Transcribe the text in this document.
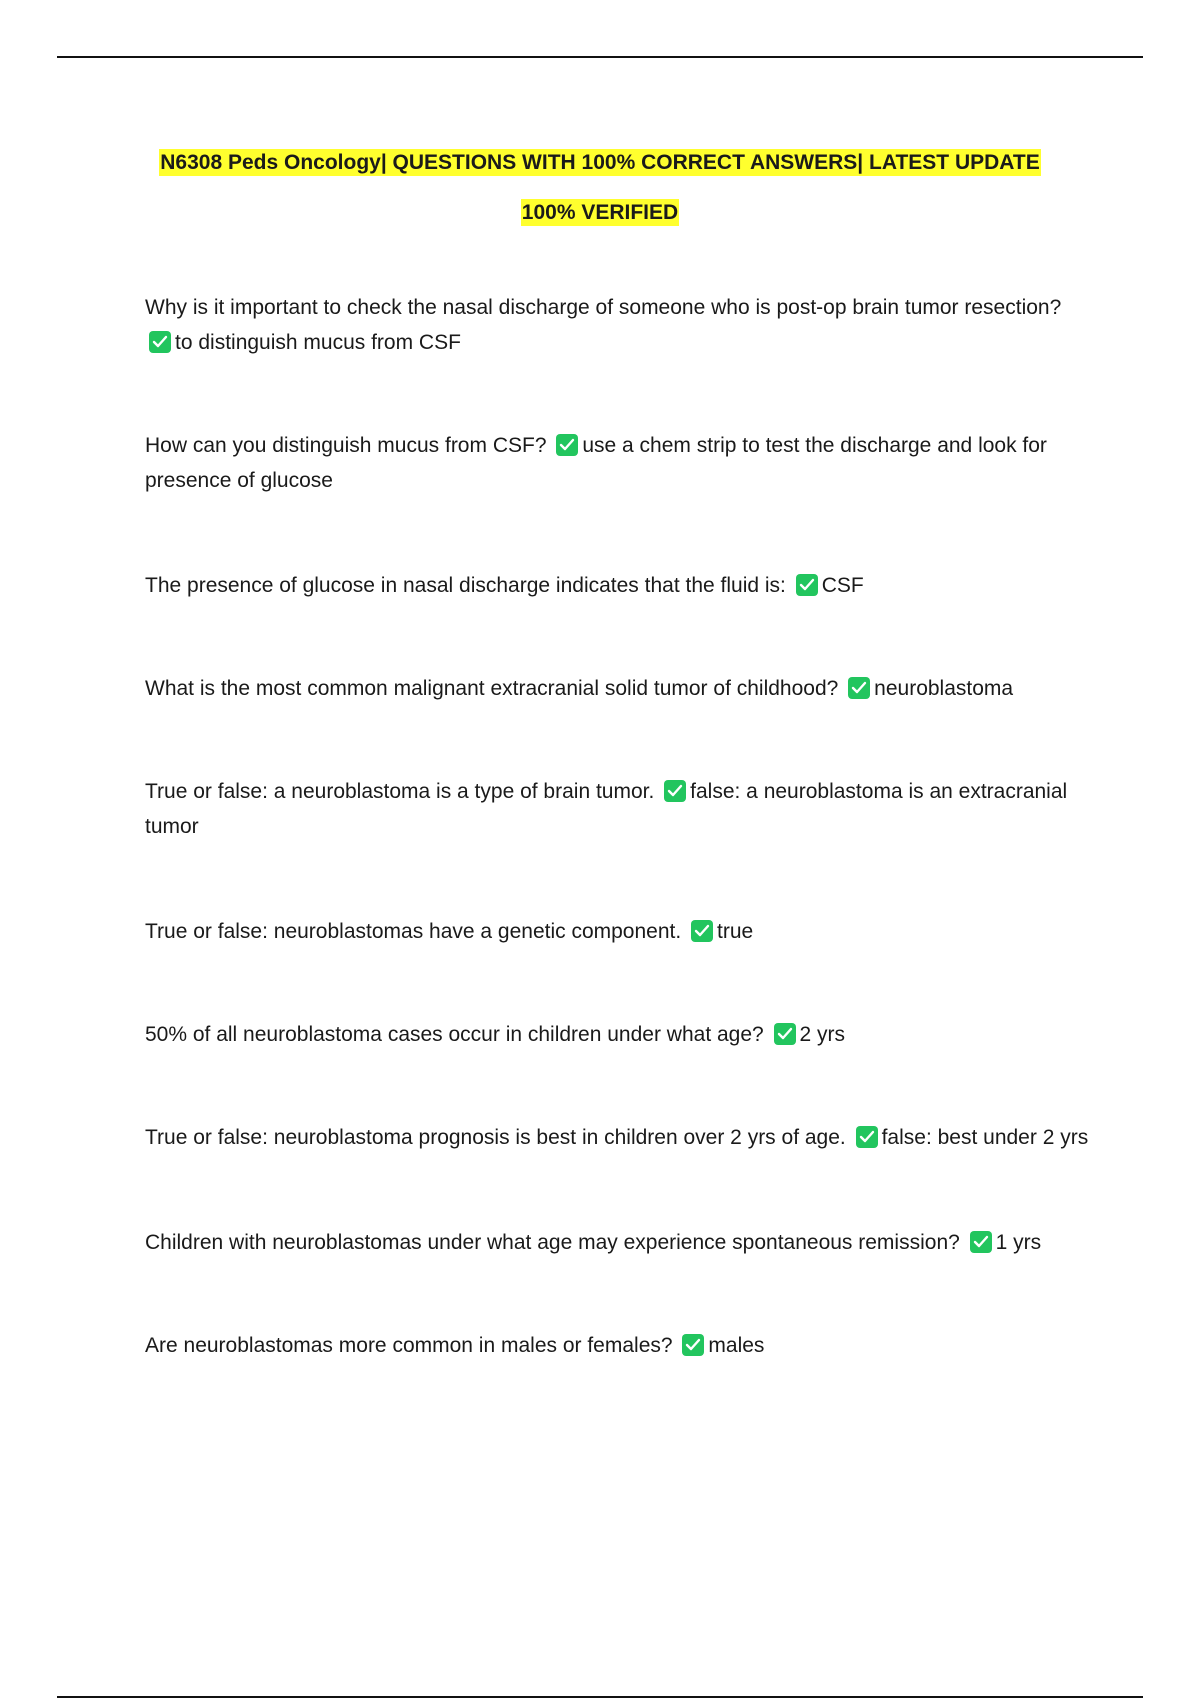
N6308 Peds Oncology| QUESTIONS WITH 100% CORRECT ANSWERS| LATEST UPDATE
100% VERIFIED

Why is it important to check the nasal discharge of someone who is post-op brain tumor resection?
to distinguish mucus from CSF

How can you distinguish mucus from CSF? use a chem strip to test the discharge and look for presence of glucose

The presence of glucose in nasal discharge indicates that the fluid is: CSF

What is the most common malignant extracranial solid tumor of childhood? neuroblastoma

True or false: a neuroblastoma is a type of brain tumor. false: a neuroblastoma is an extracranial tumor

True or false: neuroblastomas have a genetic component. true

50% of all neuroblastoma cases occur in children under what age? 2 yrs

True or false: neuroblastoma prognosis is best in children over 2 yrs of age. false: best under 2 yrs

Children with neuroblastomas under what age may experience spontaneous remission? 1 yrs

Are neuroblastomas more common in males or females? males
